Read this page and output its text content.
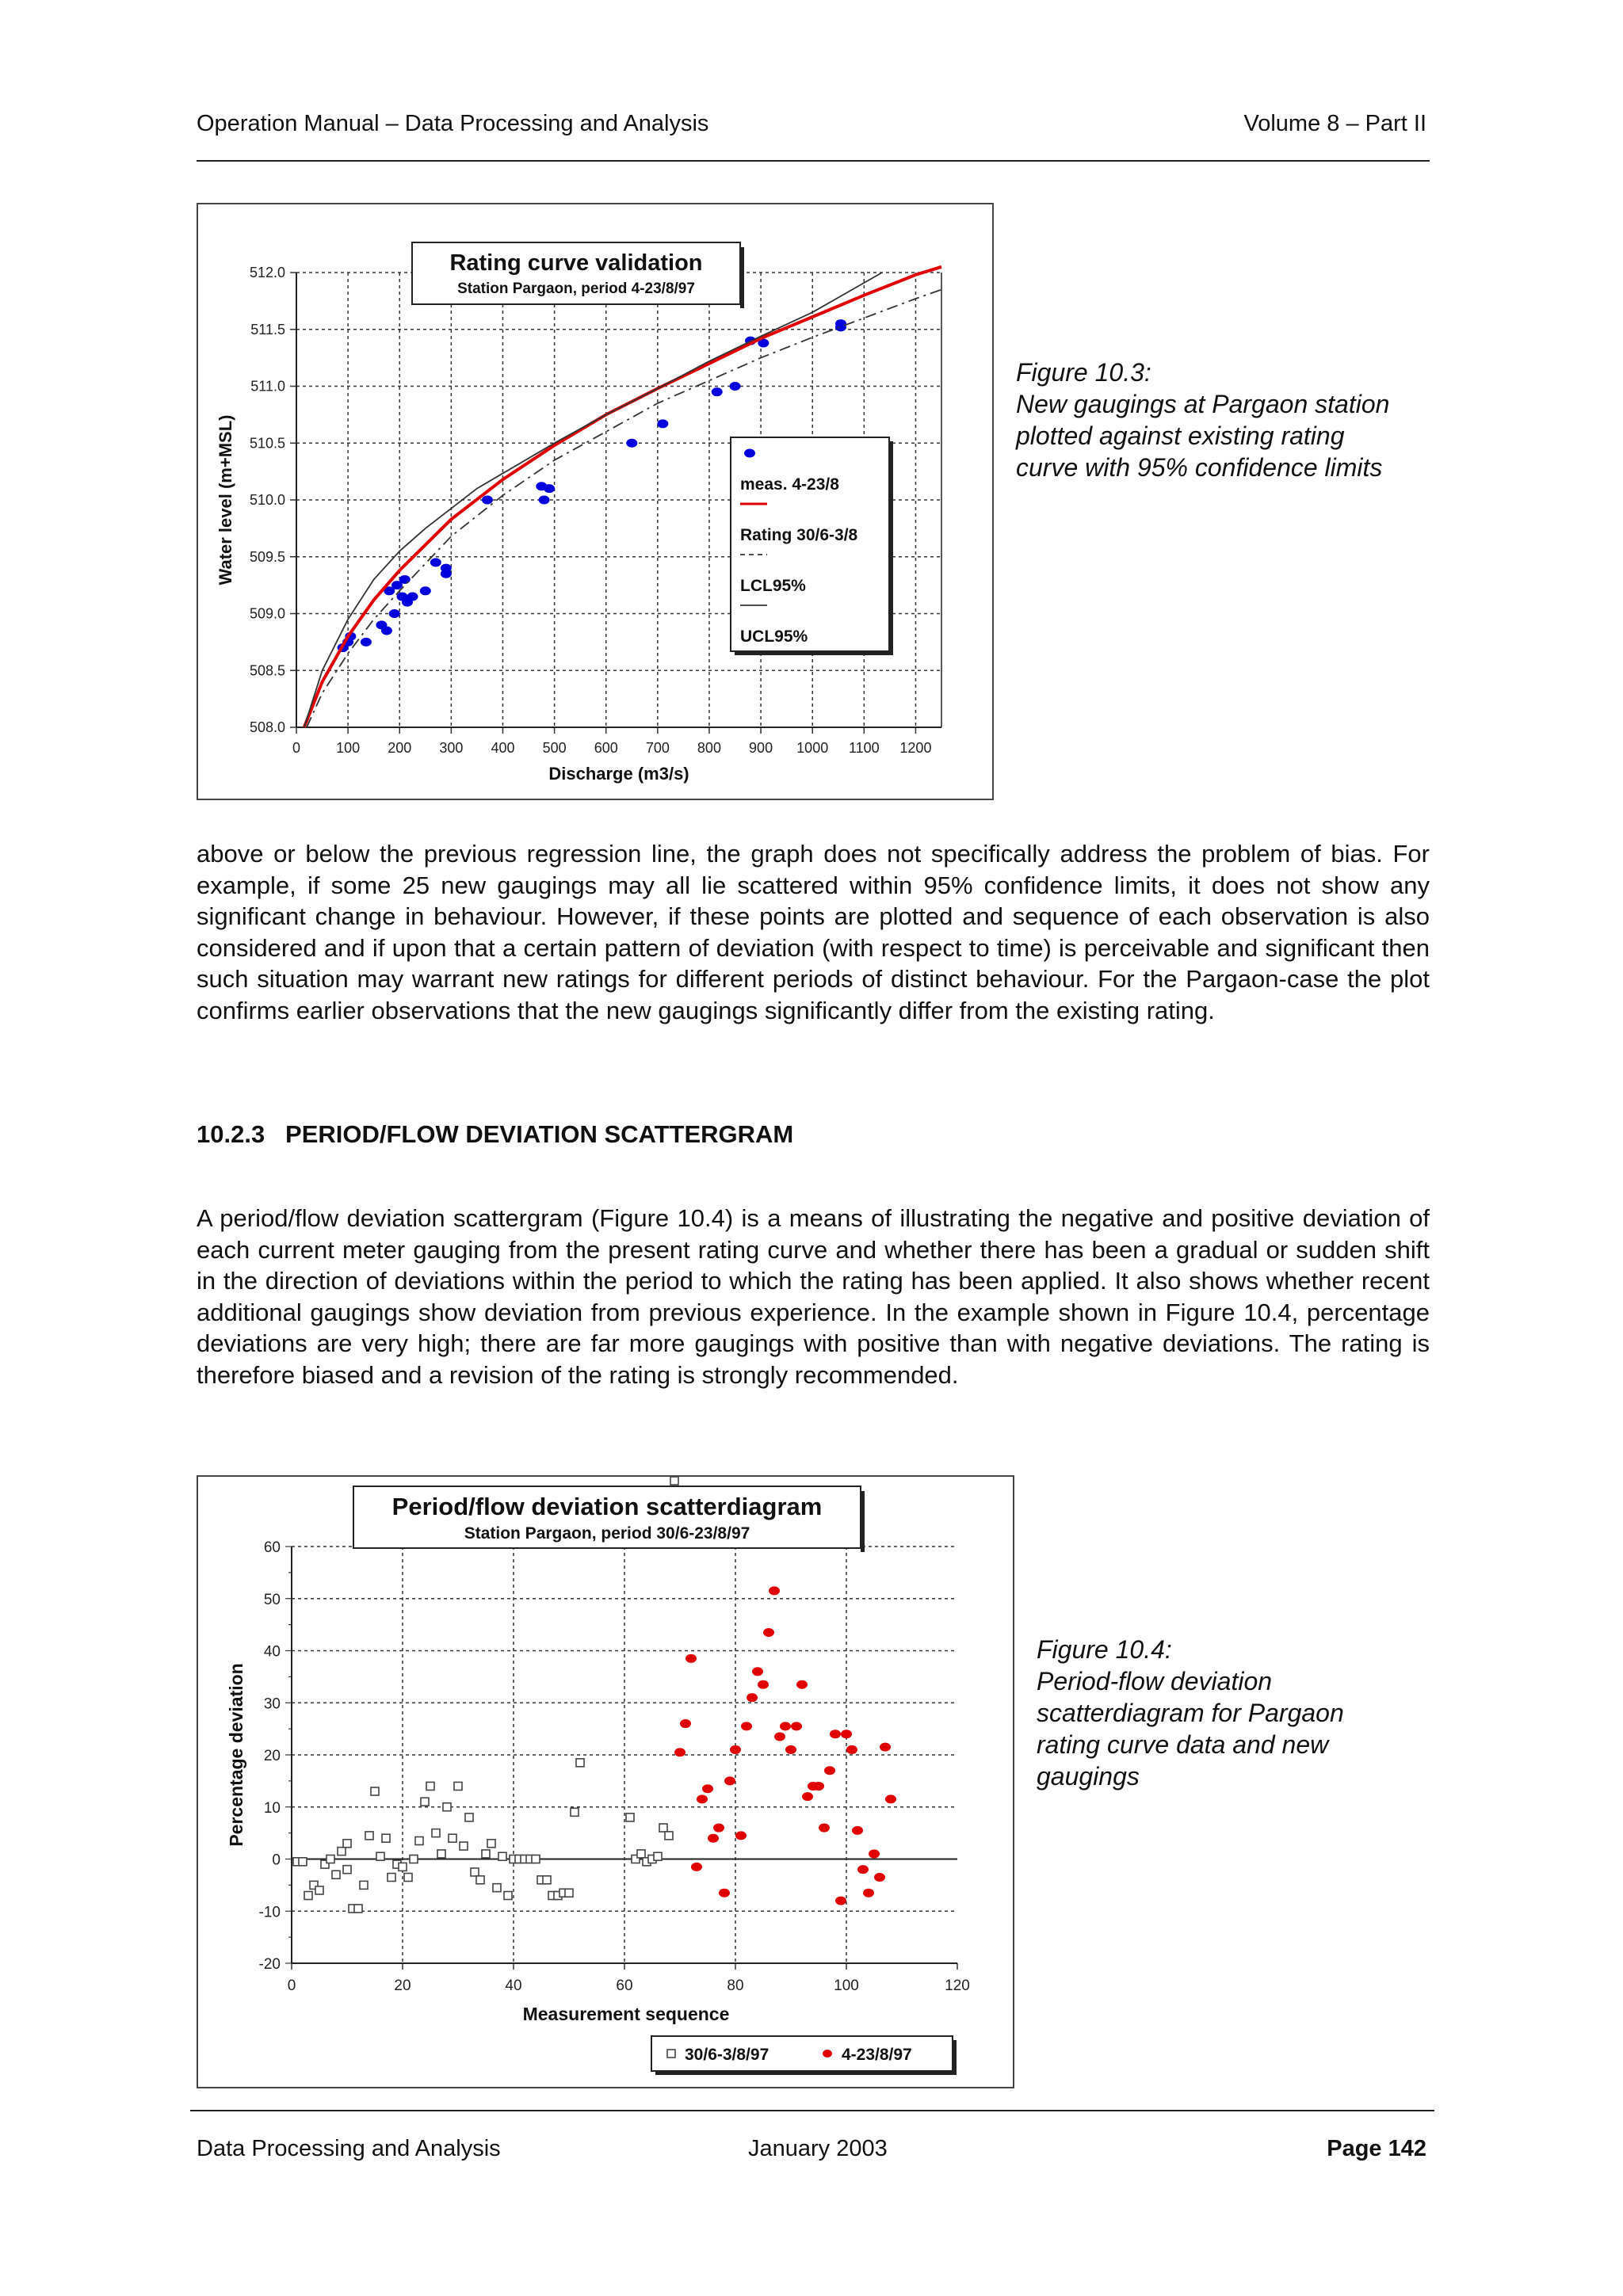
Operation Manual – Data Processing and Analysis	Volume 8 – Part II
0	100 200 300 400 500 600 700 800 900 1000 1100 1200
508.0
508.5
509.0
509.5
510.0
510.5
511.0
511.5
512.0	Rating curve validation
Station Pargaon, period 4-23/8/97
Discharge (m3/s)
Water level (m+MSL)	meas. 4-23/8
Rating 30/6-3/8
LCL95%
UCL95%
Figure 10.3:
New gaugings at Pargaon station
plotted against existing rating
curve with 95% confidence limits
above or below the previous regression line, the graph does not specifically address the problem of bias. For example, if some 25 new gaugings may all lie scattered within 95% confidence limits, it does not show any significant change in behaviour. However, if these points are plotted and sequence of each observation is also considered and if upon that a certain pattern of deviation (with respect to time) is perceivable and significant then such situation may warrant new ratings for different periods of distinct behaviour. For the Pargaon-case the plot confirms earlier observations that the new gaugings significantly differ from the existing rating.
10.2.3   PERIOD/FLOW DEVIATION SCATTERGRAM
A period/flow deviation scattergram (Figure 10.4) is a means of illustrating the negative and positive deviation of each current meter gauging from the present rating curve and whether there has been a gradual or sudden shift in the direction of deviations within the period to which the rating has been applied. It also shows whether recent additional gaugings show deviation from previous experience. In the example shown in Figure 10.4, percentage deviations are very high; there are far more gaugings with positive than with negative deviations. The rating is therefore biased and a revision of the rating is strongly recommended.
0	20	40	60	80	100	120
-20
-10
0
10
20
30
40
50
60
Period/flow deviation scatterdiagram
Station Pargaon, period 30/6-23/8/97
Measurement sequence
Percentage deviation
30/6-3/8/97	4-23/8/97
Figure 10.4:
Period-flow deviation
scatterdiagram for Pargaon
rating curve data and new
gaugings
Data Processing and Analysis	January 2003	Page 142
